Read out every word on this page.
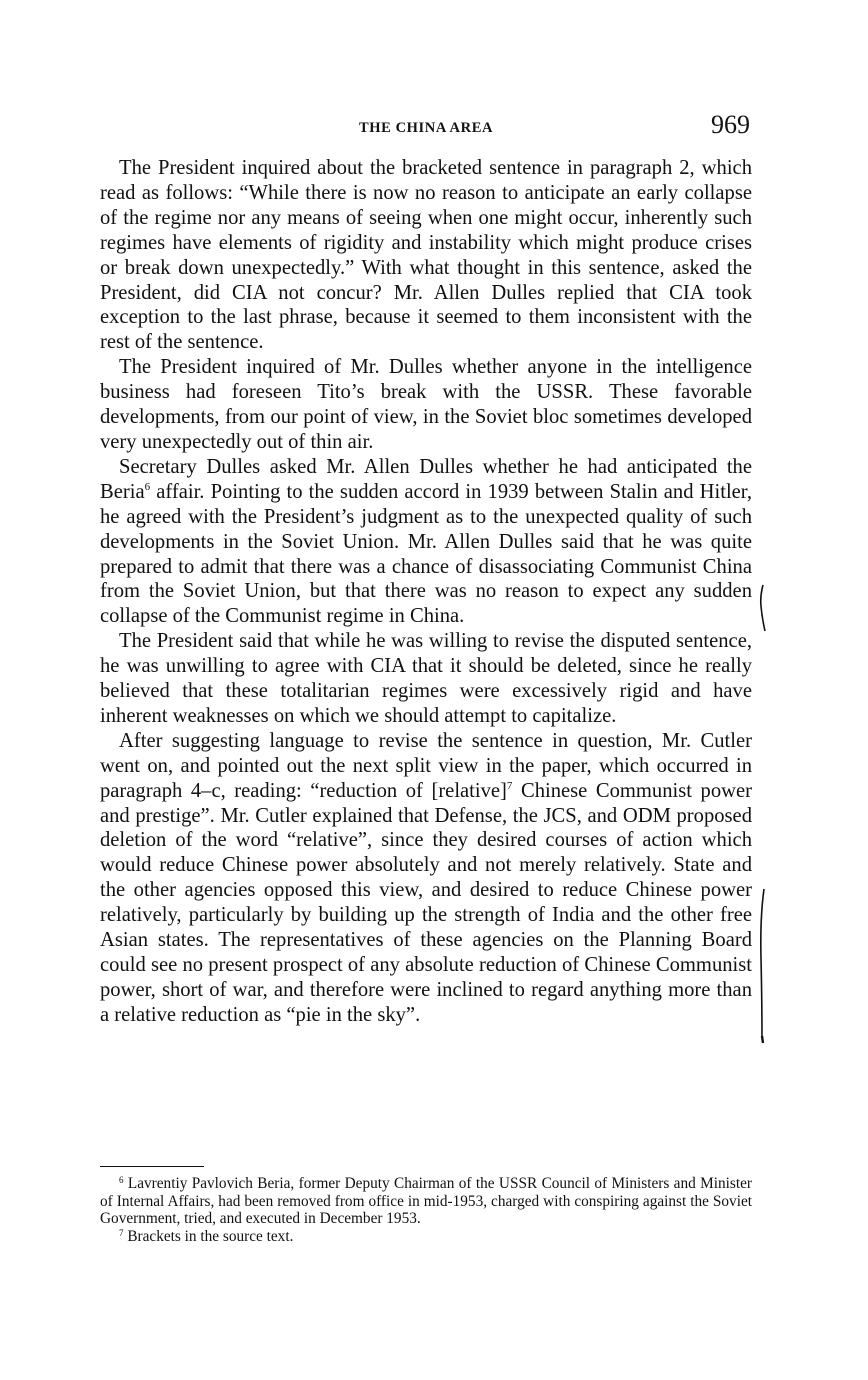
THE CHINA AREA	969

The President inquired about the bracketed sentence in paragraph 2, which read as follows: “While there is now no reason to anticipate an early collapse of the regime nor any means of seeing when one might occur, inherently such regimes have elements of rigidity and instability which might produce crises or break down unexpectedly.” With what thought in this sentence, asked the President, did CIA not concur? Mr. Allen Dulles replied that CIA took exception to the last phrase, because it seemed to them inconsistent with the rest of the sentence.

The President inquired of Mr. Dulles whether anyone in the intelligence business had foreseen Tito’s break with the USSR. These favorable developments, from our point of view, in the Soviet bloc sometimes developed very unexpectedly out of thin air.

Secretary Dulles asked Mr. Allen Dulles whether he had anticipated the Beria$^6$ affair. Pointing to the sudden accord in 1939 between Stalin and Hitler, he agreed with the President’s judgment as to the unexpected quality of such developments in the Soviet Union. Mr. Allen Dulles said that he was quite prepared to admit that there was a chance of disassociating Communist China from the Soviet Union, but that there was no reason to expect any sudden collapse of the Communist regime in China.

The President said that while he was willing to revise the disputed sentence, he was unwilling to agree with CIA that it should be deleted, since he really believed that these totalitarian regimes were excessively rigid and have inherent weaknesses on which we should attempt to capitalize.

After suggesting language to revise the sentence in question, Mr. Cutler went on, and pointed out the next split view in the paper, which occurred in paragraph 4–c, reading: “reduction of [relative]$^7$ Chinese Communist power and prestige”. Mr. Cutler explained that Defense, the JCS, and ODM proposed deletion of the word “relative”, since they desired courses of action which would reduce Chinese power absolutely and not merely relatively. State and the other agencies opposed this view, and desired to reduce Chinese power relatively, particularly by building up the strength of India and the other free Asian states. The representatives of these agencies on the Planning Board could see no present prospect of any absolute reduction of Chinese Communist power, short of war, and therefore were inclined to regard anything more than a relative reduction as “pie in the sky”.

$^6$ Lavrentiy Pavlovich Beria, former Deputy Chairman of the USSR Council of Ministers and Minister of Internal Affairs, had been removed from office in mid-1953, charged with conspiring against the Soviet Government, tried, and executed in December 1953.

$^7$ Brackets in the source text.
